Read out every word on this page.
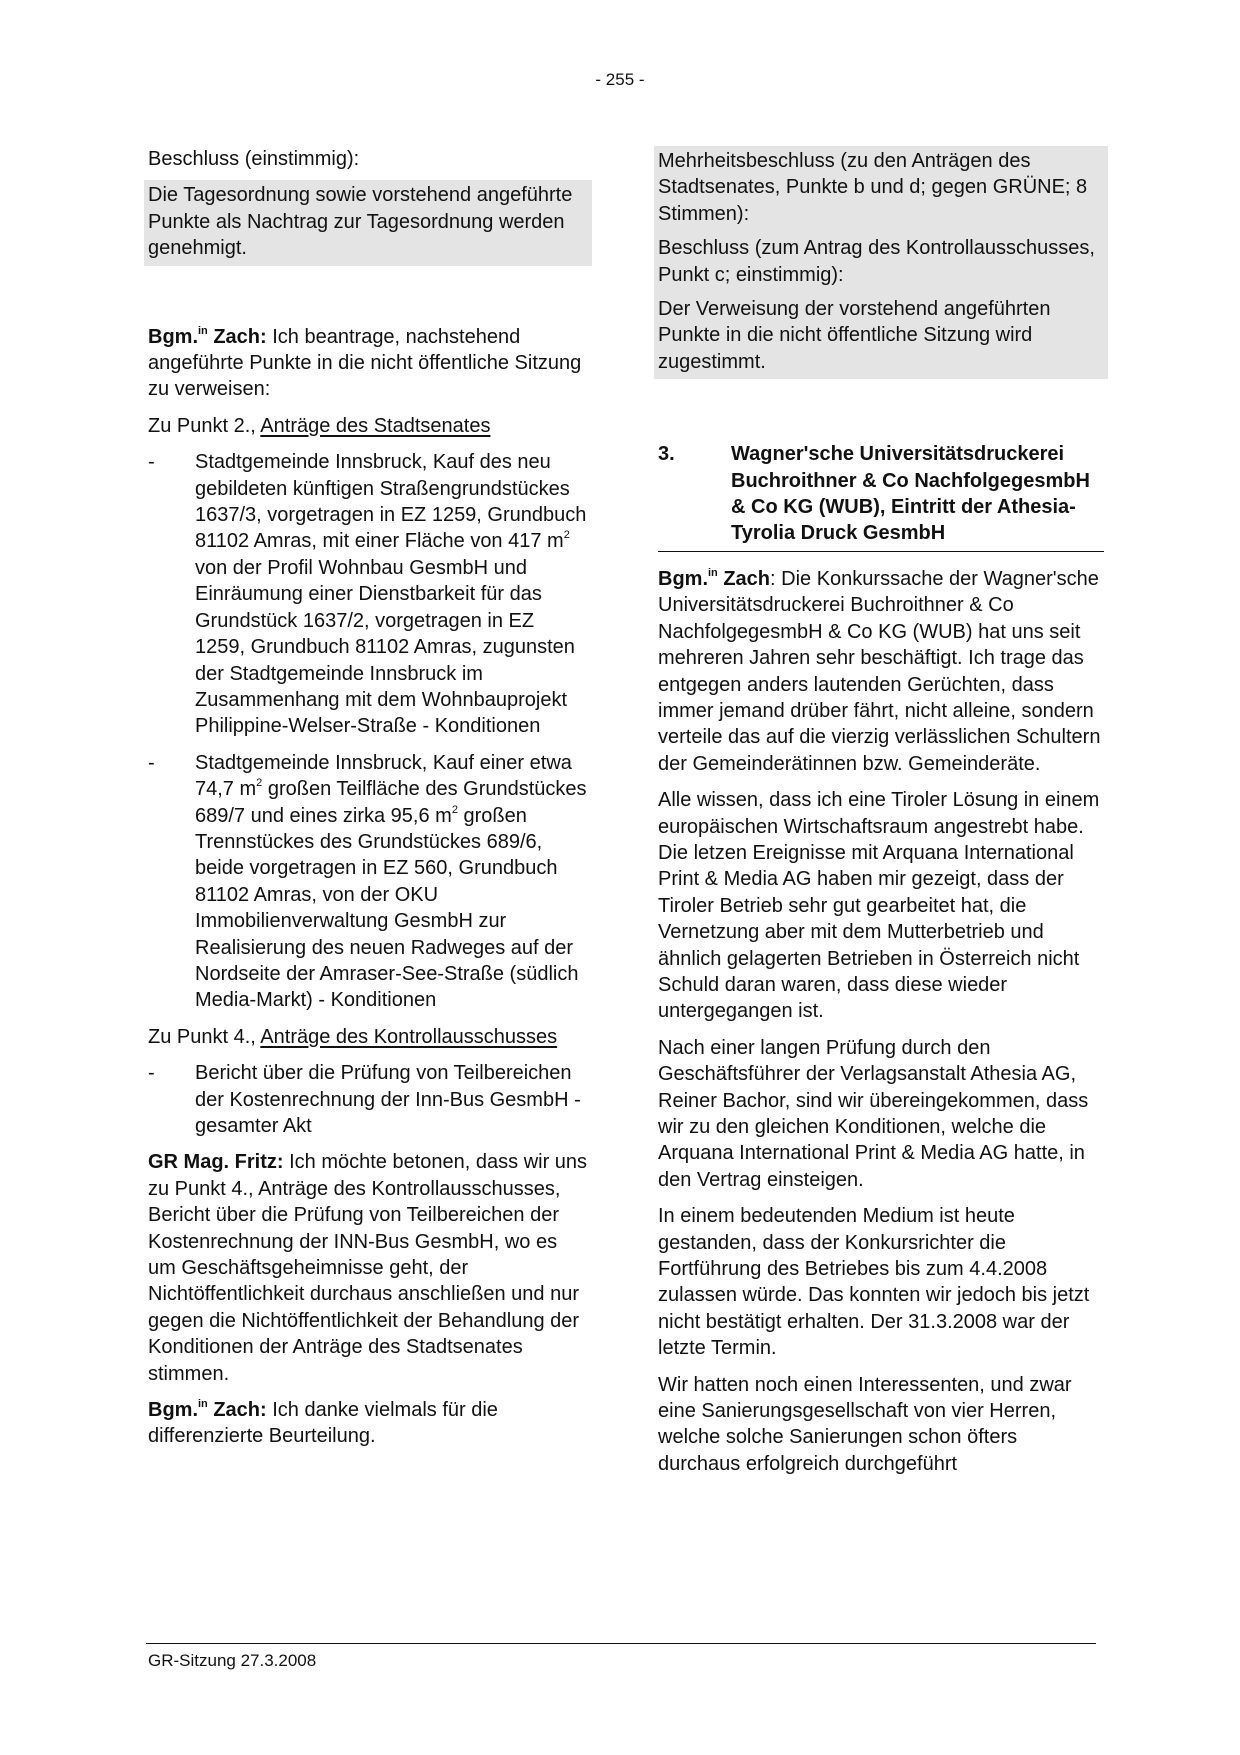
- 255 -

Beschluss (einstimmig):

Die Tagesordnung sowie vorstehend angeführte Punkte als Nachtrag zur Tagesordnung werden genehmigt.

Bgm.$^{in}$ Zach: Ich beantrage, nachstehend angeführte Punkte in die nicht öffentliche Sitzung zu verweisen:

Zu Punkt 2., Anträge des Stadtsenates

-	Stadtgemeinde Innsbruck, Kauf des neu gebildeten künftigen Straßengrundstückes 1637/3, vorgetragen in EZ 1259, Grundbuch 81102 Amras, mit einer Fläche von 417 $m^2$ von der Profil Wohnbau GesmbH und Einräumung einer Dienstbarkeit für das Grundstück 1637/2, vorgetragen in EZ 1259, Grundbuch 81102 Amras, zugunsten der Stadtgemeinde Innsbruck im Zusammenhang mit dem Wohnbauprojekt Philippine-Welser-Straße - Konditionen
-	Stadtgemeinde Innsbruck, Kauf einer etwa 74,7 $m^2$ großen Teilfläche des Grundstückes 689/7 und eines zirka 95,6 $m^2$ großen Trennstückes des Grundstückes 689/6, beide vorgetragen in EZ 560, Grundbuch 81102 Amras, von der OKU Immobilienverwaltung GesmbH zur Realisierung des neuen Radweges auf der Nordseite der Amraser-See-Straße (südlich Media-Markt) - Konditionen

Zu Punkt 4., Anträge des Kontrollausschusses

-	Bericht über die Prüfung von Teilbereichen der Kostenrechnung der Inn-Bus GesmbH - gesamter Akt

GR Mag. Fritz: Ich möchte betonen, dass wir uns zu Punkt 4., Anträge des Kontrollausschusses, Bericht über die Prüfung von Teilbereichen der Kostenrechnung der INN-Bus GesmbH, wo es um Geschäftsgeheimnisse geht, der Nichtöffentlichkeit durchaus anschließen und nur gegen die Nichtöffentlichkeit der Behandlung der Konditionen der Anträge des Stadtsenates stimmen.

Bgm.$^{in}$ Zach: Ich danke vielmals für die differenzierte Beurteilung.

Mehrheitsbeschluss (zu den Anträgen des Stadtsenates, Punkte b und d; gegen GRÜNE; 8 Stimmen):

Beschluss (zum Antrag des Kontrollausschusses, Punkt c; einstimmig):

Der Verweisung der vorstehend angeführten Punkte in die nicht öffentliche Sitzung wird zugestimmt.

3.	Wagner'sche Universitätsdruckerei Buchroithner & Co NachfolgegesmbH & Co KG (WUB), Eintritt der Athesia-Tyrolia Druck GesmbH

Bgm.$^{in}$ Zach: Die Konkurssache der Wagner'sche Universitätsdruckerei Buchroithner & Co NachfolgegesmbH & Co KG (WUB) hat uns seit mehreren Jahren sehr beschäftigt. Ich trage das entgegen anders lautenden Gerüchten, dass immer jemand drüber fährt, nicht alleine, sondern verteile das auf die vierzig verlässlichen Schultern der Gemeinderätinnen bzw. Gemeinderäte.

Alle wissen, dass ich eine Tiroler Lösung in einem europäischen Wirtschaftsraum angestrebt habe. Die letzen Ereignisse mit Arquana International Print & Media AG haben mir gezeigt, dass der Tiroler Betrieb sehr gut gearbeitet hat, die Vernetzung aber mit dem Mutterbetrieb und ähnlich gelagerten Betrieben in Österreich nicht Schuld daran waren, dass diese wieder untergegangen ist.

Nach einer langen Prüfung durch den Geschäftsführer der Verlagsanstalt Athesia AG, Reiner Bachor, sind wir übereingekommen, dass wir zu den gleichen Konditionen, welche die Arquana International Print & Media AG hatte, in den Vertrag einsteigen.

In einem bedeutenden Medium ist heute gestanden, dass der Konkursrichter die Fortführung des Betriebes bis zum 4.4.2008 zulassen würde. Das konnten wir jedoch bis jetzt nicht bestätigt erhalten. Der 31.3.2008 war der letzte Termin.

Wir hatten noch einen Interessenten, und zwar eine Sanierungsgesellschaft von vier Herren, welche solche Sanierungen schon öfters durchaus erfolgreich durchgeführt

GR-Sitzung 27.3.2008
